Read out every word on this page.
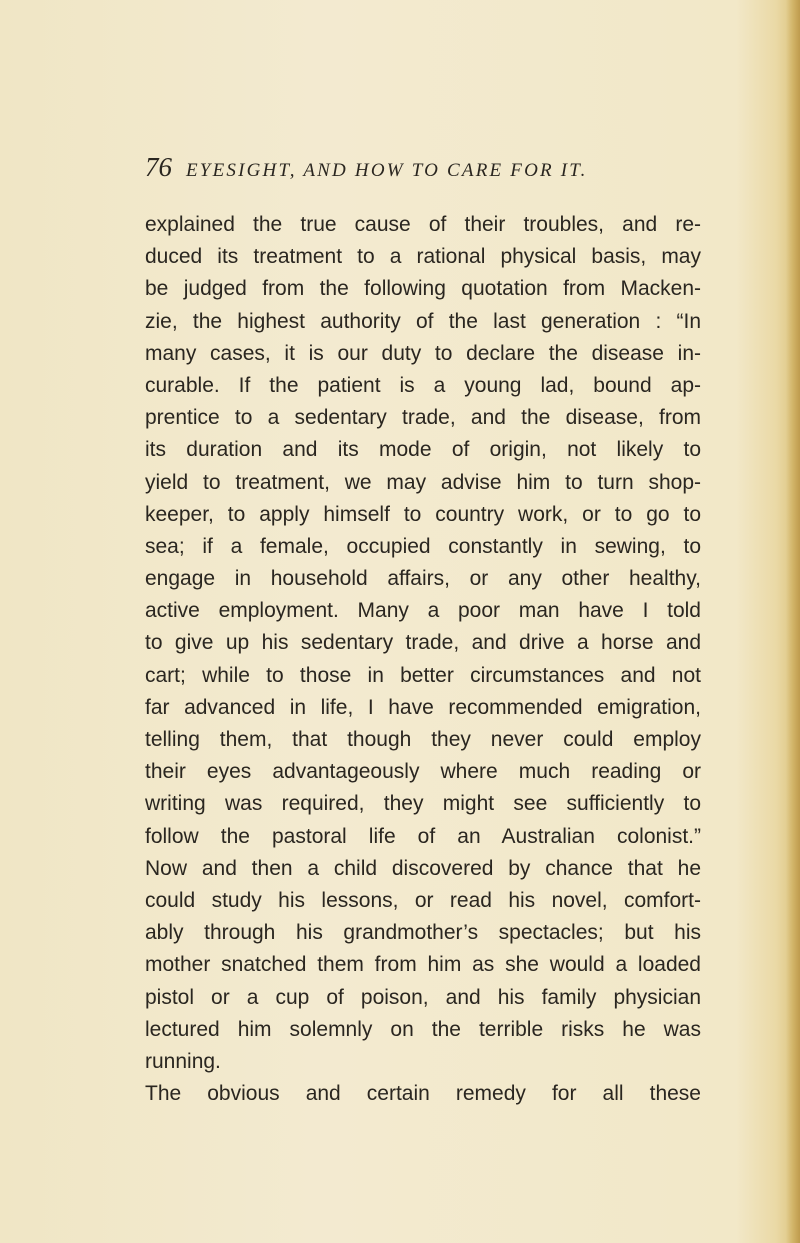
76 EYESIGHT, AND HOW TO CARE FOR IT.
explained the true cause of their troubles, and re-
duced its treatment to a rational physical basis, may
be judged from the following quotation from Macken-
zie, the highest authority of the last generation : “In
many cases, it is our duty to declare the disease in-
curable. If the patient is a young lad, bound ap-
prentice to a sedentary trade, and the disease, from
its duration and its mode of origin, not likely to
yield to treatment, we may advise him to turn shop-
keeper, to apply himself to country work, or to go to
sea; if a female, occupied constantly in sewing, to
engage in household affairs, or any other healthy,
active employment. Many a poor man have I told
to give up his sedentary trade, and drive a horse and
cart; while to those in better circumstances and not
far advanced in life, I have recommended emigration,
telling them, that though they never could employ
their eyes advantageously where much reading or
writing was required, they might see sufficiently to
follow the pastoral life of an Australian colonist.”
Now and then a child discovered by chance that he
could study his lessons, or read his novel, comfort-
ably through his grandmother’s spectacles; but his
mother snatched them from him as she would a loaded
pistol or a cup of poison, and his family physician
lectured him solemnly on the terrible risks he was
running.
The obvious and certain remedy for all these
